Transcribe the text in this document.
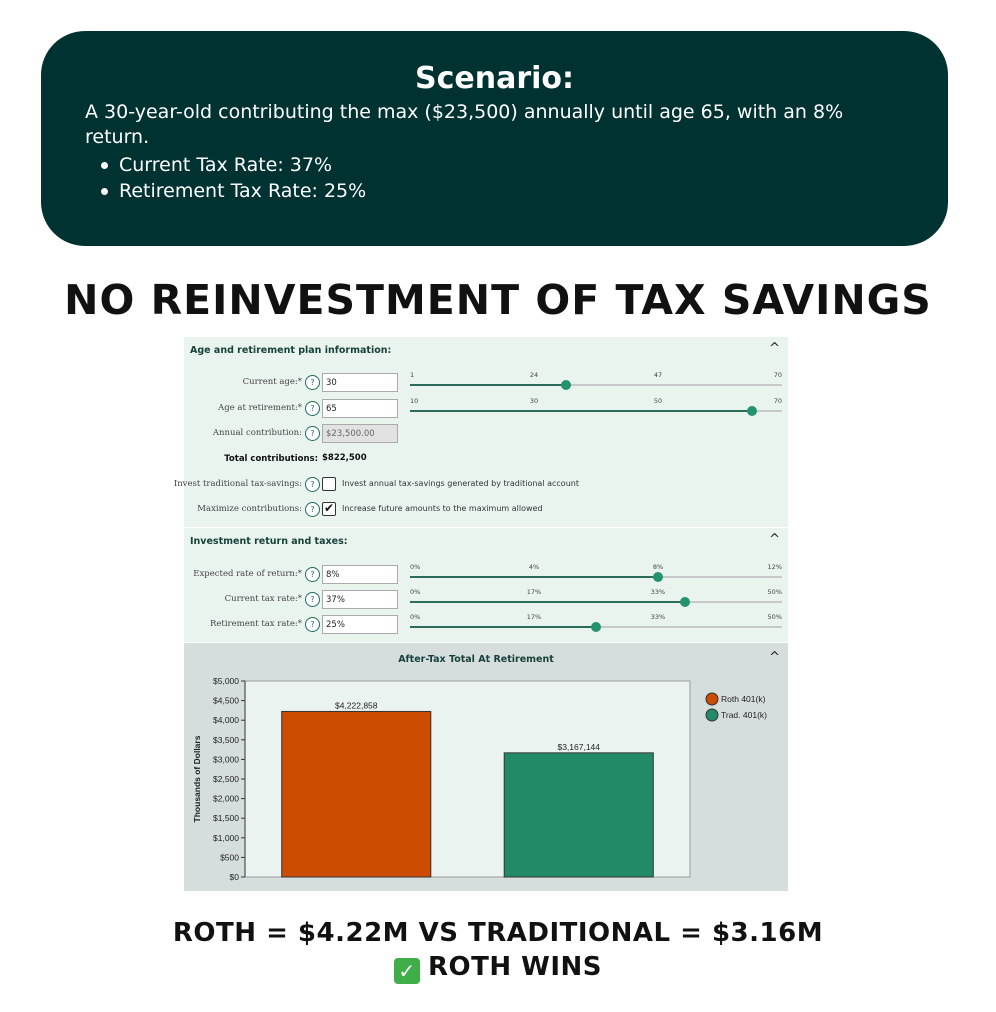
Scenario:

A 30-year-old contributing the max ($23,500) annually until age 65, with an 8% return.

Current Tax Rate: 37%
Retirement Tax Rate: 25%
NO REINVESTMENT OF TAX SAVINGS
Age and retirement plan information:	^
Current age:*	?	30
1	24	47	70
Age at retirement:*	?	65
10	30	50	70
Annual contribution:	?	$23,500.00
Total contributions: $822,500
Invest traditional tax-savings:	?	Invest annual tax-savings generated by traditional account
Maximize contributions:	? ✔ Increase future amounts to the maximum allowed
Investment return and taxes:	^
Expected rate of return:*	?	8%
0%	4%	8%	12%
Current tax rate:*	?	37%
0%	17%	33%	50%
Retirement tax rate:*	?	25%
0%	17%	33%	50%
After-Tax Total At Retirement	^
$0
$500
$1,000
$1,500
$2,000
$2,500
$3,000
$3,500
$4,000
$4,500
$5,000
Thousands of Dollars
$4,222,858
$3,167,144
Roth 401(k)
Trad. 401(k)
ROTH = $4.22M VS TRADITIONAL = $3.16M
✓ ROTH WINS
